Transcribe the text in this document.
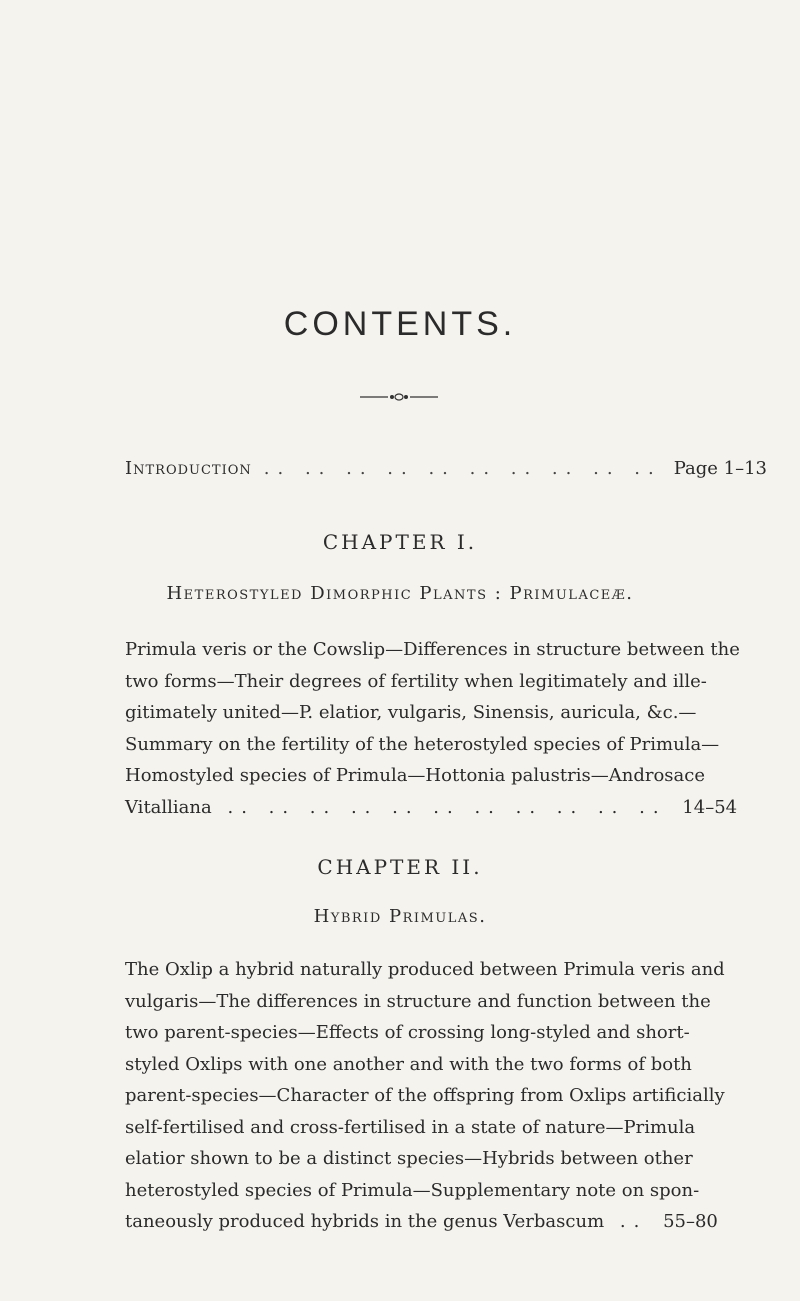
CONTENTS.
Introduction .. .. .. .. .. .. .. .. .. .. Page 1–13
CHAPTER I.
Heterostyled Dimorphic Plants : Primulaceæ.
Primula veris or the Cowslip—Differences in structure between the
two forms—Their degrees of fertility when legitimately and ille-
gitimately united—P. elatior, vulgaris, Sinensis, auricula, &c.—
Summary on the fertility of the heterostyled species of Primula—
Homostyled species of Primula—Hottonia palustris—Androsace
Vitalliana .. .. .. .. .. .. .. .. .. .. .. 14–54
CHAPTER II.
Hybrid Primulas.
The Oxlip a hybrid naturally produced between Primula veris and
vulgaris—The differences in structure and function between the
two parent-species—Effects of crossing long-styled and short-
styled Oxlips with one another and with the two forms of both
parent-species—Character of the offspring from Oxlips artificially
self-fertilised and cross-fertilised in a state of nature—Primula
elatior shown to be a distinct species—Hybrids between other
heterostyled species of Primula—Supplementary note on spon-
taneously produced hybrids in the genus Verbascum .. 55–80
